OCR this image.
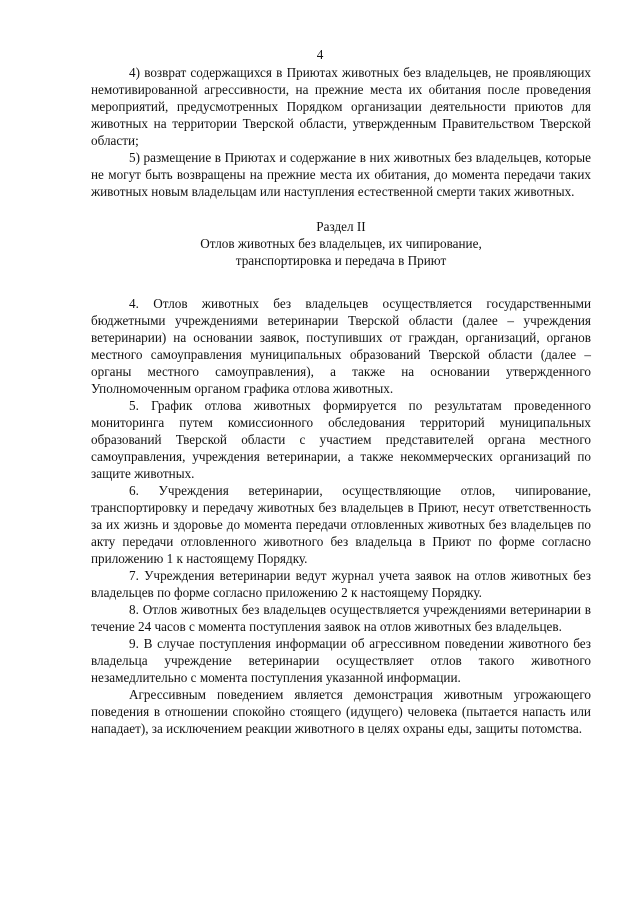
4

4) возврат содержащихся в Приютах животных без владельцев, не проявляющих немотивированной агрессивности, на прежние места их обитания после проведения мероприятий, предусмотренных Порядком организации деятельности приютов для животных на территории Тверской области, утвержденным Правительством Тверской области;

5) размещение в Приютах и содержание в них животных без владельцев, которые не могут быть возвращены на прежние места их обитания, до момента передачи таких животных новым владельцам или наступления естественной смерти таких животных.

Раздел II

Отлов животных без владельцев, их чипирование,

транспортировка и передача в Приют

4. Отлов животных без владельцев осуществляется государственными бюджетными учреждениями ветеринарии Тверской области (далее – учреждения ветеринарии) на основании заявок, поступивших от граждан, организаций, органов местного самоуправления муниципальных образований Тверской области (далее – органы местного самоуправления), а также на основании утвержденного Уполномоченным органом графика отлова животных.

5. График отлова животных формируется по результатам проведенного мониторинга путем комиссионного обследования территорий муниципальных образований Тверской области с участием представителей органа местного самоуправления, учреждения ветеринарии, а также некоммерческих организаций по защите животных.

6. Учреждения ветеринарии, осуществляющие отлов, чипирование, транспортировку и передачу животных без владельцев в Приют, несут ответственность за их жизнь и здоровье до момента передачи отловленных животных без владельцев по акту передачи отловленного животного без владельца в Приют по форме согласно приложению 1 к настоящему Порядку.

7. Учреждения ветеринарии ведут журнал учета заявок на отлов животных без владельцев по форме согласно приложению 2 к настоящему Порядку.

8. Отлов животных без владельцев осуществляется учреждениями ветеринарии в течение 24 часов с момента поступления заявок на отлов животных без владельцев.

9. В случае поступления информации об агрессивном поведении животного без владельца учреждение ветеринарии осуществляет отлов такого животного незамедлительно с момента поступления указанной информации.

Агрессивным поведением является демонстрация животным угрожающего поведения в отношении спокойно стоящего (идущего) человека (пытается напасть или нападает), за исключением реакции животного в целях охраны еды, защиты потомства.
